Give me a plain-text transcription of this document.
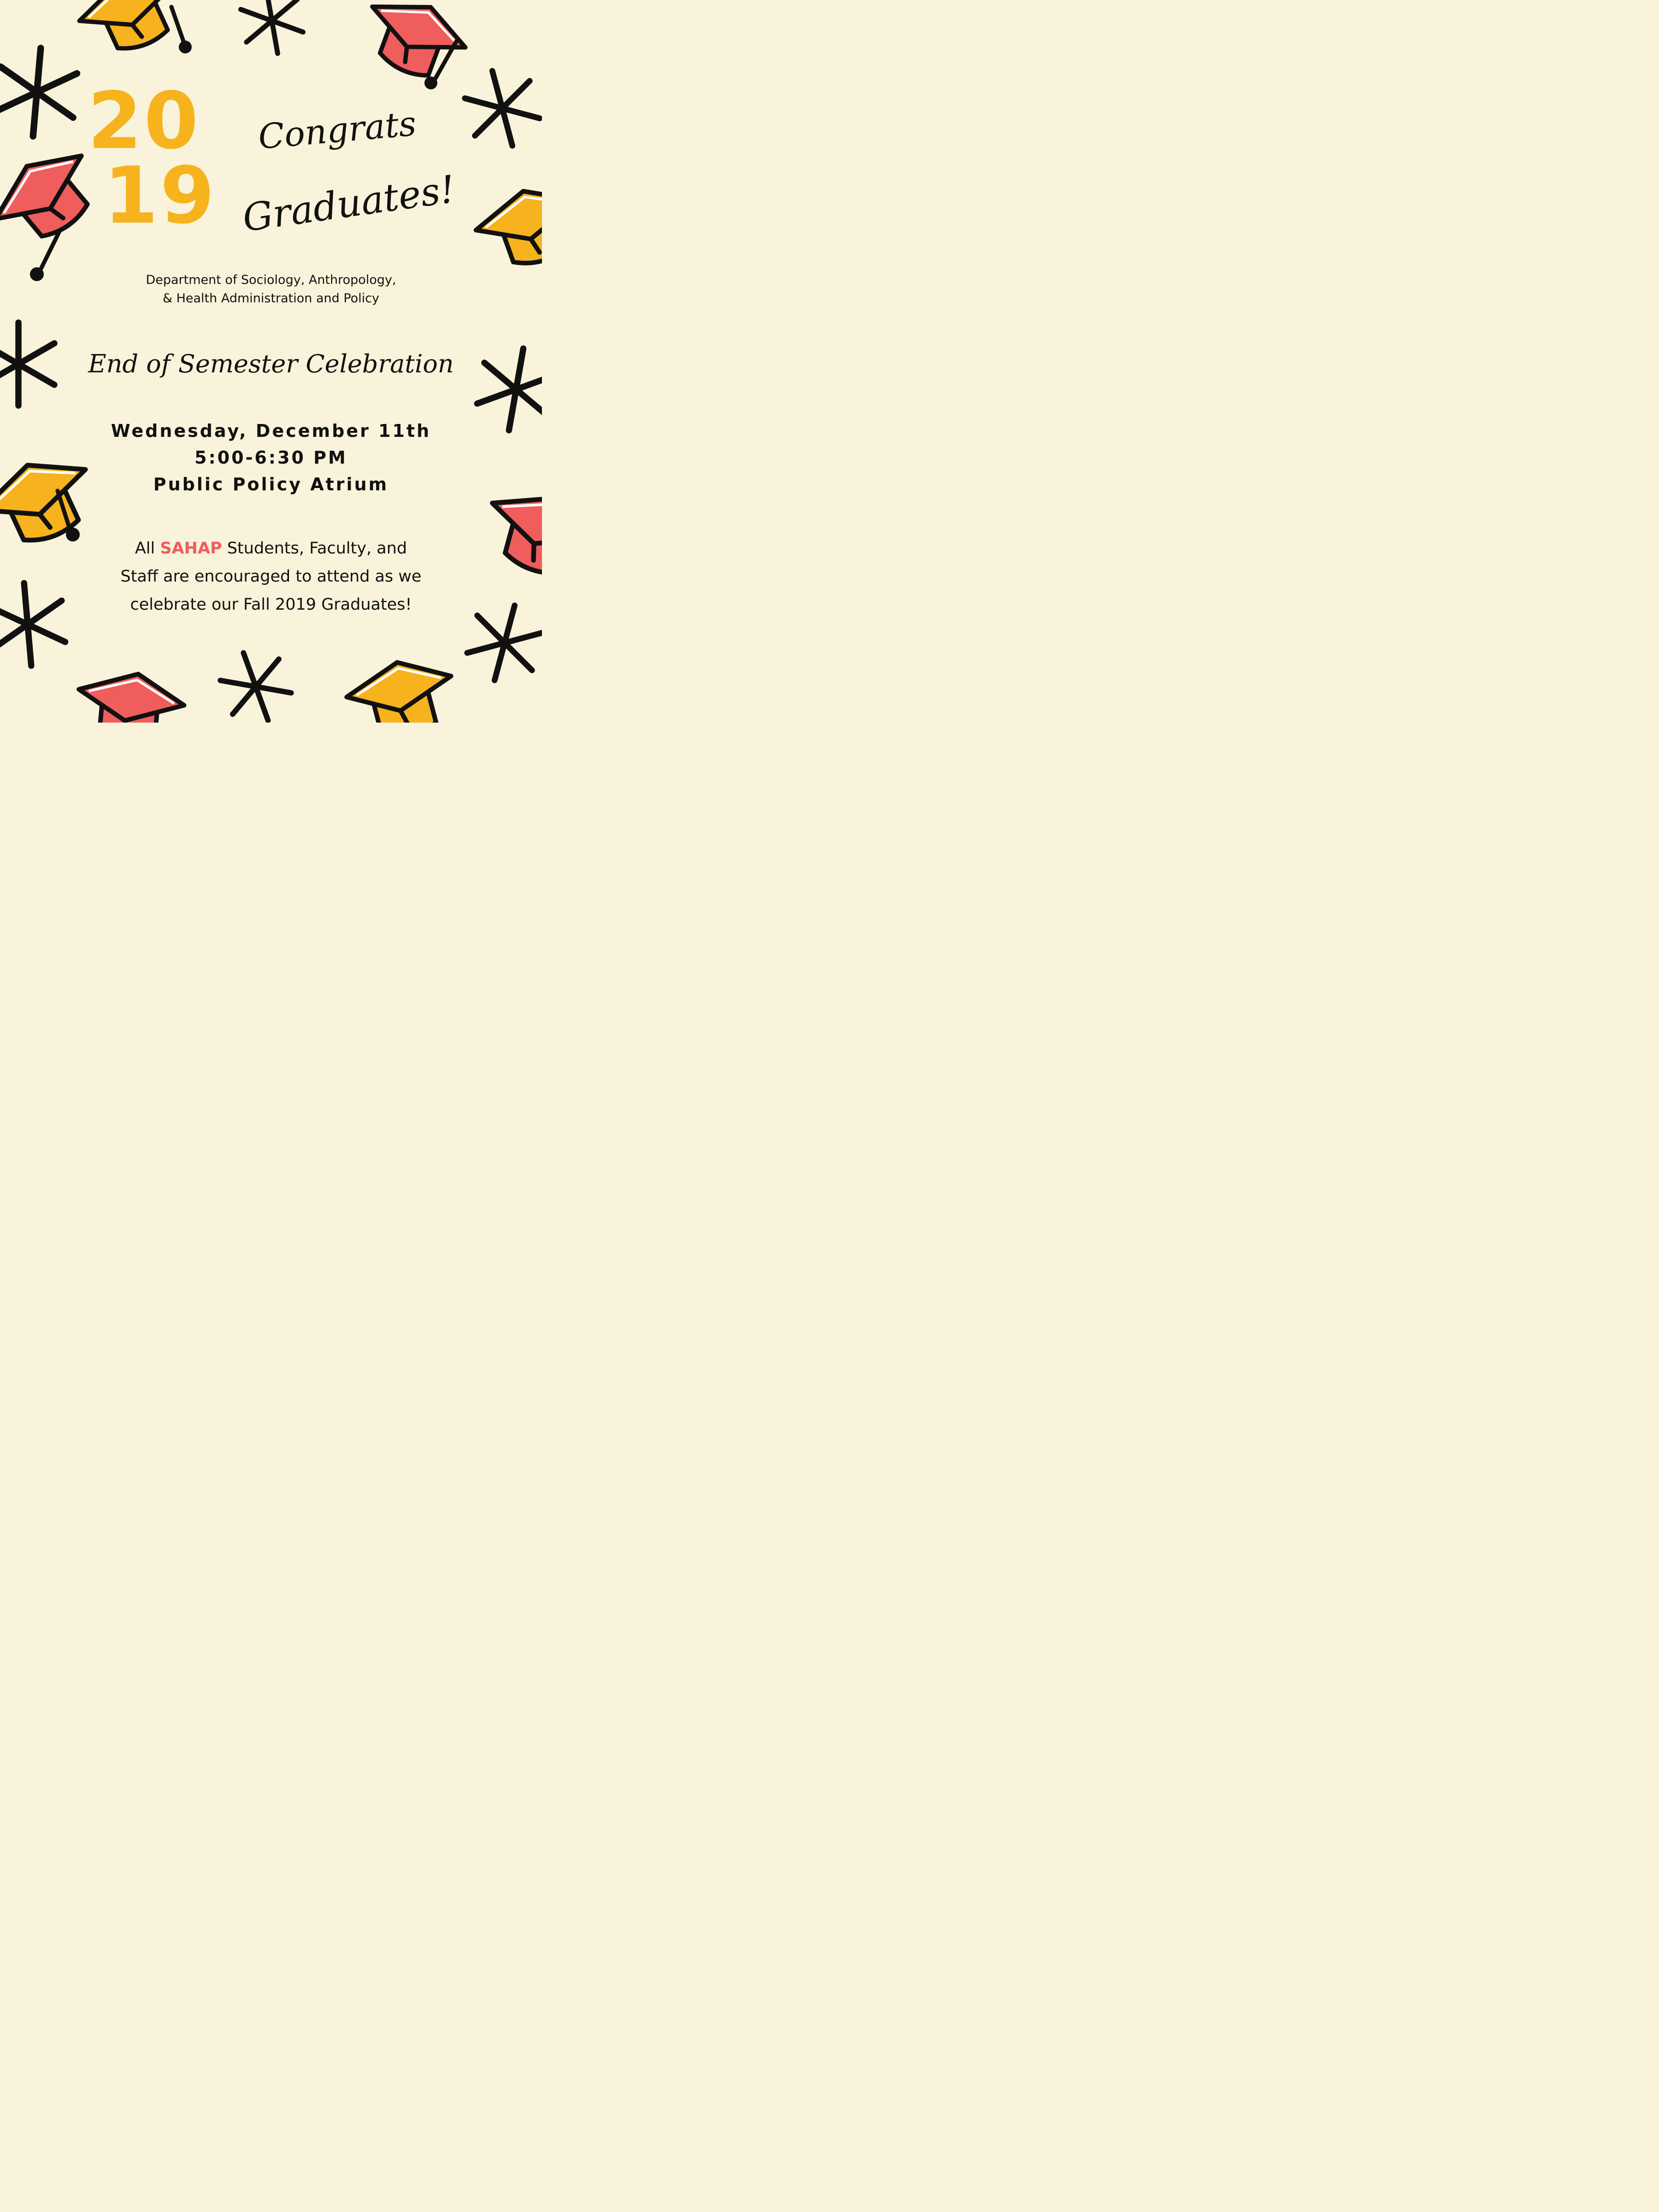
20
19
Congrats
Graduates!
Department of Sociology, Anthropology,
& Health Administration and Policy
End of Semester Celebration
Wednesday, December 11th
5:00-6:30 PM
Public Policy Atrium
All SAHAP Students, Faculty, and
Staff are encouraged to attend as we
celebrate our Fall 2019 Graduates!
